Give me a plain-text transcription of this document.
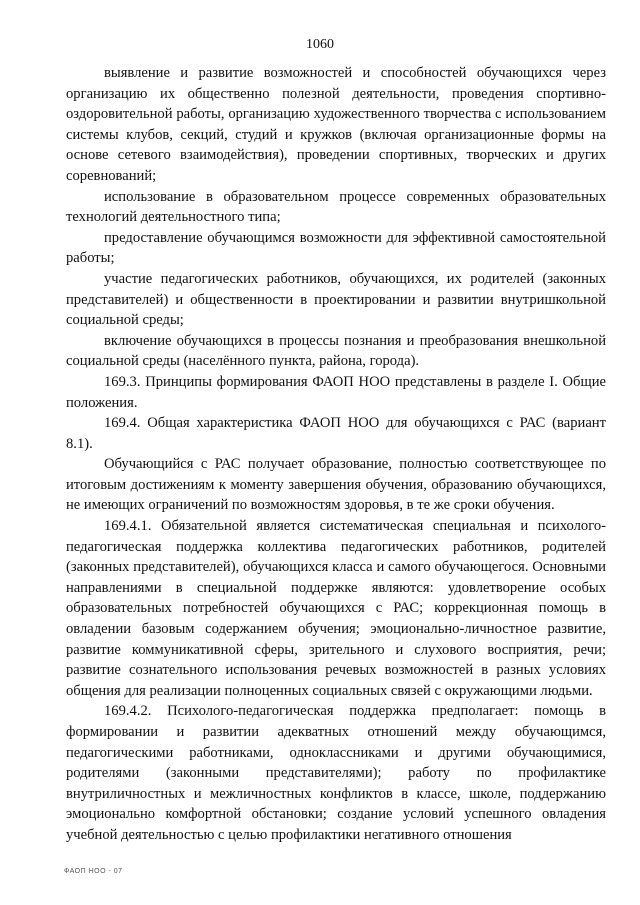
1060

выявление и развитие возможностей и способностей обучающихся через организацию их общественно полезной деятельности, проведения спортивно-оздоровительной работы, организацию художественного творчества с использованием системы клубов, секций, студий и кружков (включая организационные формы на основе сетевого взаимодействия), проведении спортивных, творческих и других соревнований;

использование в образовательном процессе современных образовательных технологий деятельностного типа;

предоставление обучающимся возможности для эффективной самостоятельной работы;

участие педагогических работников, обучающихся, их родителей (законных представителей) и общественности в проектировании и развитии внутришкольной социальной среды;

включение обучающихся в процессы познания и преобразования внешкольной социальной среды (населённого пункта, района, города).

169.3. Принципы формирования ФАОП НОО представлены в разделе I. Общие положения.

169.4. Общая характеристика ФАОП НОО для обучающихся с РАС (вариант 8.1).

Обучающийся с РАС получает образование, полностью соответствующее по итоговым достижениям к моменту завершения обучения, образованию обучающихся, не имеющих ограничений по возможностям здоровья, в те же сроки обучения.

169.4.1. Обязательной является систематическая специальная и психолого-педагогическая поддержка коллектива педагогических работников, родителей (законных представителей), обучающихся класса и самого обучающегося. Основными направлениями в специальной поддержке являются: удовлетворение особых образовательных потребностей обучающихся с РАС; коррекционная помощь в овладении базовым содержанием обучения; эмоционально-личностное развитие, развитие коммуникативной сферы, зрительного и слухового восприятия, речи; развитие сознательного использования речевых возможностей в разных условиях общения для реализации полноценных социальных связей с окружающими людьми.

169.4.2. Психолого-педагогическая поддержка предполагает: помощь в формировании и развитии адекватных отношений между обучающимся, педагогическими работниками, одноклассниками и другими обучающимися, родителями (законными представителями); работу по профилактике внутриличностных и межличностных конфликтов в классе, школе, поддержанию эмоционально комфортной обстановки; создание условий успешного овладения учебной деятельностью с целью профилактики негативного отношения

ФАОП НОО - 07
